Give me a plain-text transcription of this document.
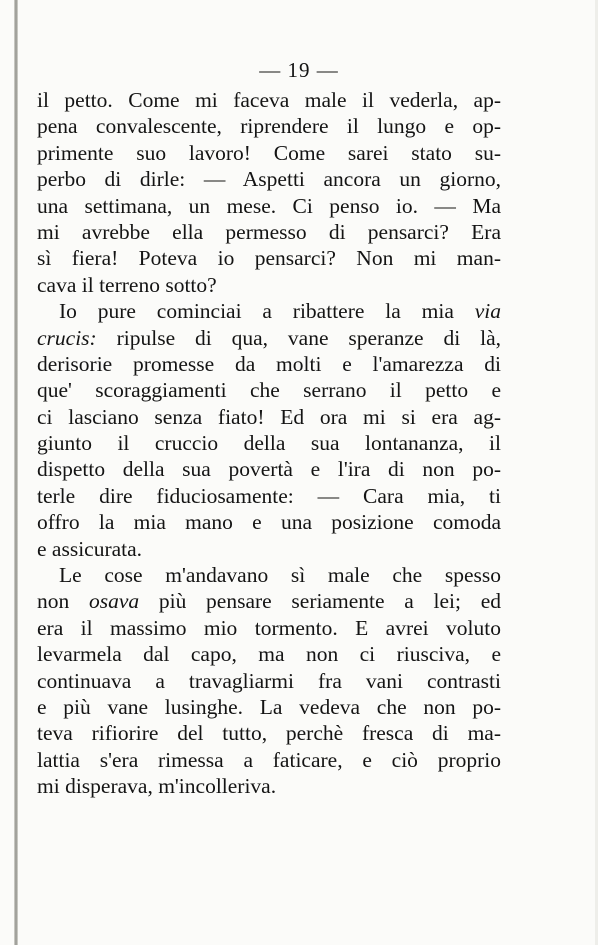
— 19 —
il petto. Come mi faceva male il vederla, ap-
pena convalescente, riprendere il lungo e op-
primente suo lavoro! Come sarei stato su-
perbo di dirle: — Aspetti ancora un giorno,
una settimana, un mese. Ci penso io. — Ma
mi avrebbe ella permesso di pensarci? Era
sì fiera! Poteva io pensarci? Non mi man-
cava il terreno sotto?
Io pure cominciai a ribattere la mia via
crucis: ripulse di qua, vane speranze di là,
derisorie promesse da molti e l'amarezza di
que' scoraggiamenti che serrano il petto e
ci lasciano senza fiato! Ed ora mi si era ag-
giunto il cruccio della sua lontananza, il
dispetto della sua povertà e l'ira di non po-
terle dire fiduciosamente: — Cara mia, ti
offro la mia mano e una posizione comoda
e assicurata.
Le cose m'andavano sì male che spesso
non osava più pensare seriamente a lei; ed
era il massimo mio tormento. E avrei voluto
levarmela dal capo, ma non ci riusciva, e
continuava a travagliarmi fra vani contrasti
e più vane lusinghe. La vedeva che non po-
teva rifiorire del tutto, perchè fresca di ma-
lattia s'era rimessa a faticare, e ciò proprio
mi disperava, m'incolleriva.
